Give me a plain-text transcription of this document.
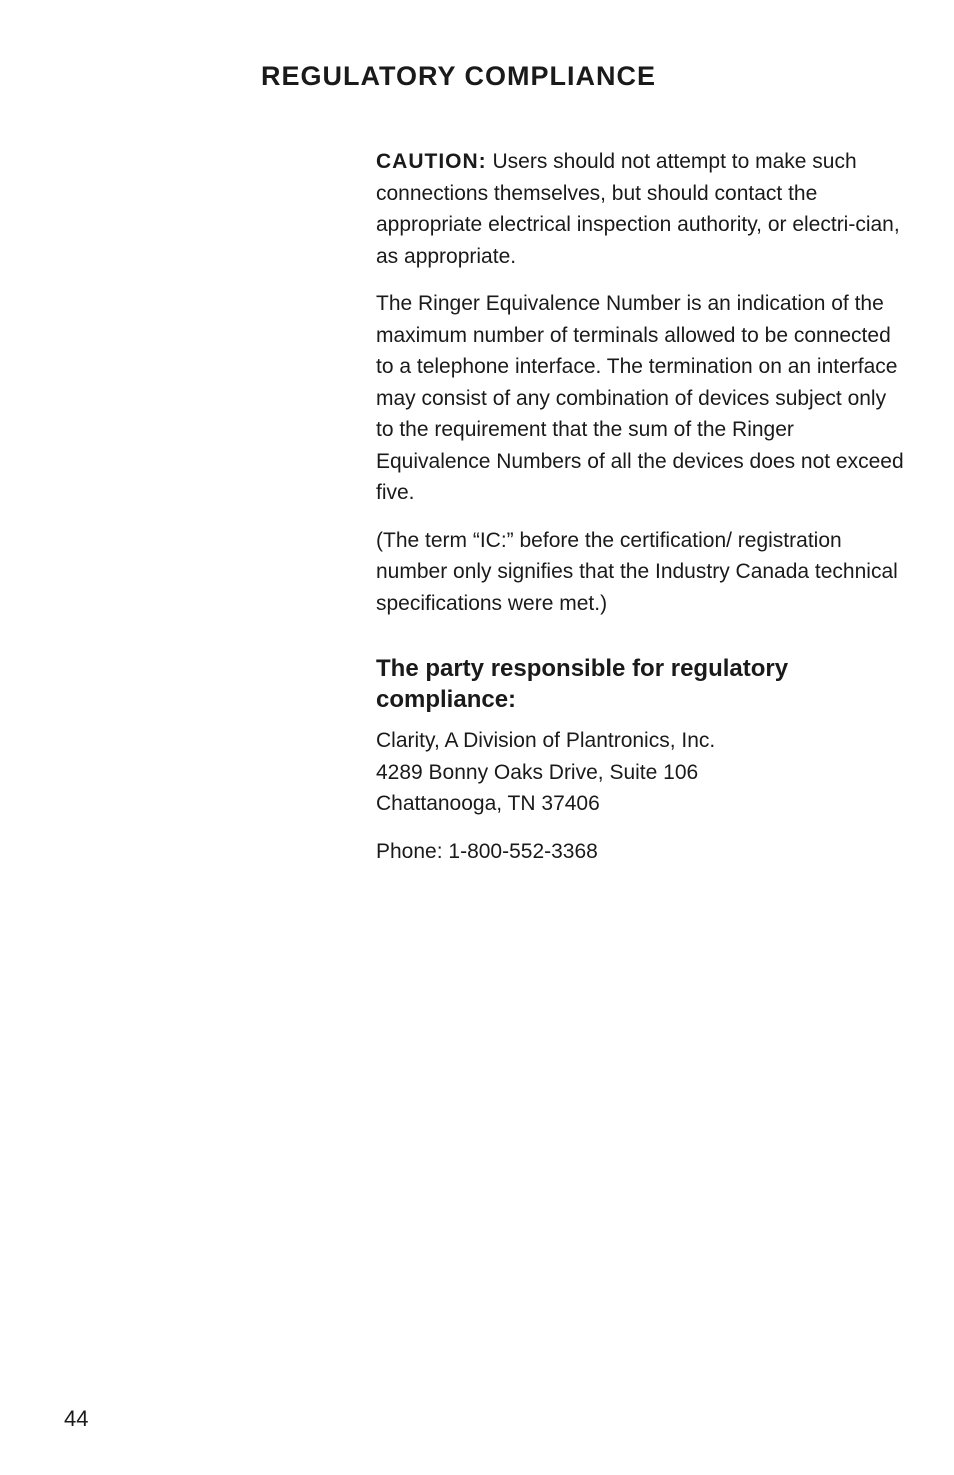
REGULATORY COMPLIANCE

CAUTION: Users should not attempt to make such connections themselves, but should contact the appropriate electrical inspection authority, or electri-cian, as appropriate.

The Ringer Equivalence Number is an indication of the maximum number of terminals allowed to be connected to a telephone interface. The termination on an interface may consist of any combination of devices subject only to the requirement that the sum of the Ringer Equivalence Numbers of all the devices does not exceed five.

(The term “IC:” before the certification/ registration number only signifies that the Industry Canada technical specifications were met.)

The party responsible for regulatory compliance:

Clarity, A Division of Plantronics, Inc.
4289 Bonny Oaks Drive, Suite 106
Chattanooga, TN 37406

Phone: 1-800-552-3368

44
